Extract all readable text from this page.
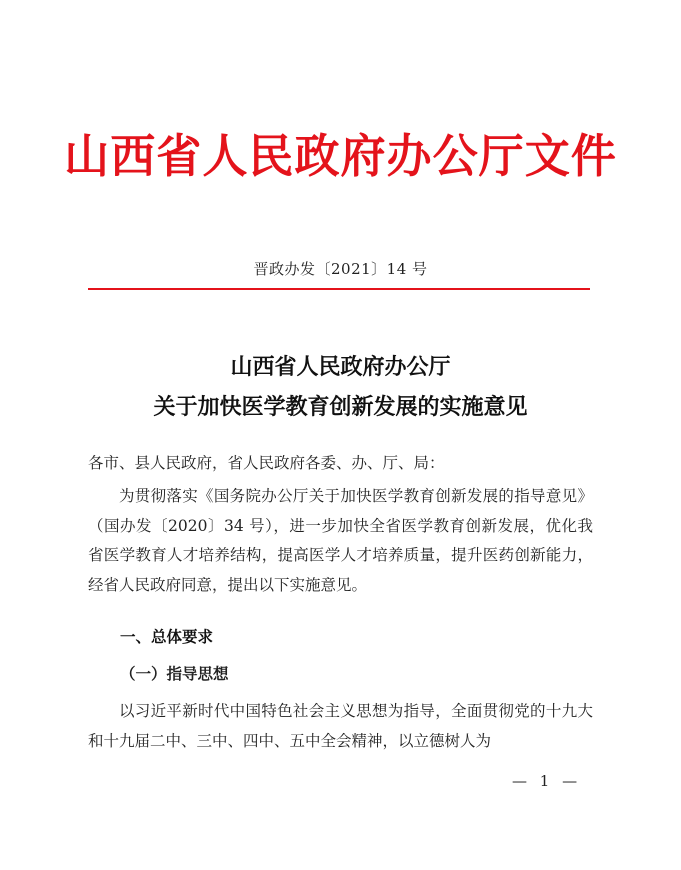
山西省人民政府办公厅文件
晋政办发〔2021〕14 号
山西省人民政府办公厅
关于加快医学教育创新发展的实施意见
各市、县人民政府，省人民政府各委、办、厅、局：
为贯彻落实《国务院办公厅关于加快医学教育创新发展的指导意见》（国办发〔2020〕34 号），进一步加快全省医学教育创新发展，优化我省医学教育人才培养结构，提高医学人才培养质量，提升医药创新能力，经省人民政府同意，提出以下实施意见。
一、总体要求
（一）指导思想
以习近平新时代中国特色社会主义思想为指导，全面贯彻党的十九大和十九届二中、三中、四中、五中全会精神，以立德树人为
— 1 —
